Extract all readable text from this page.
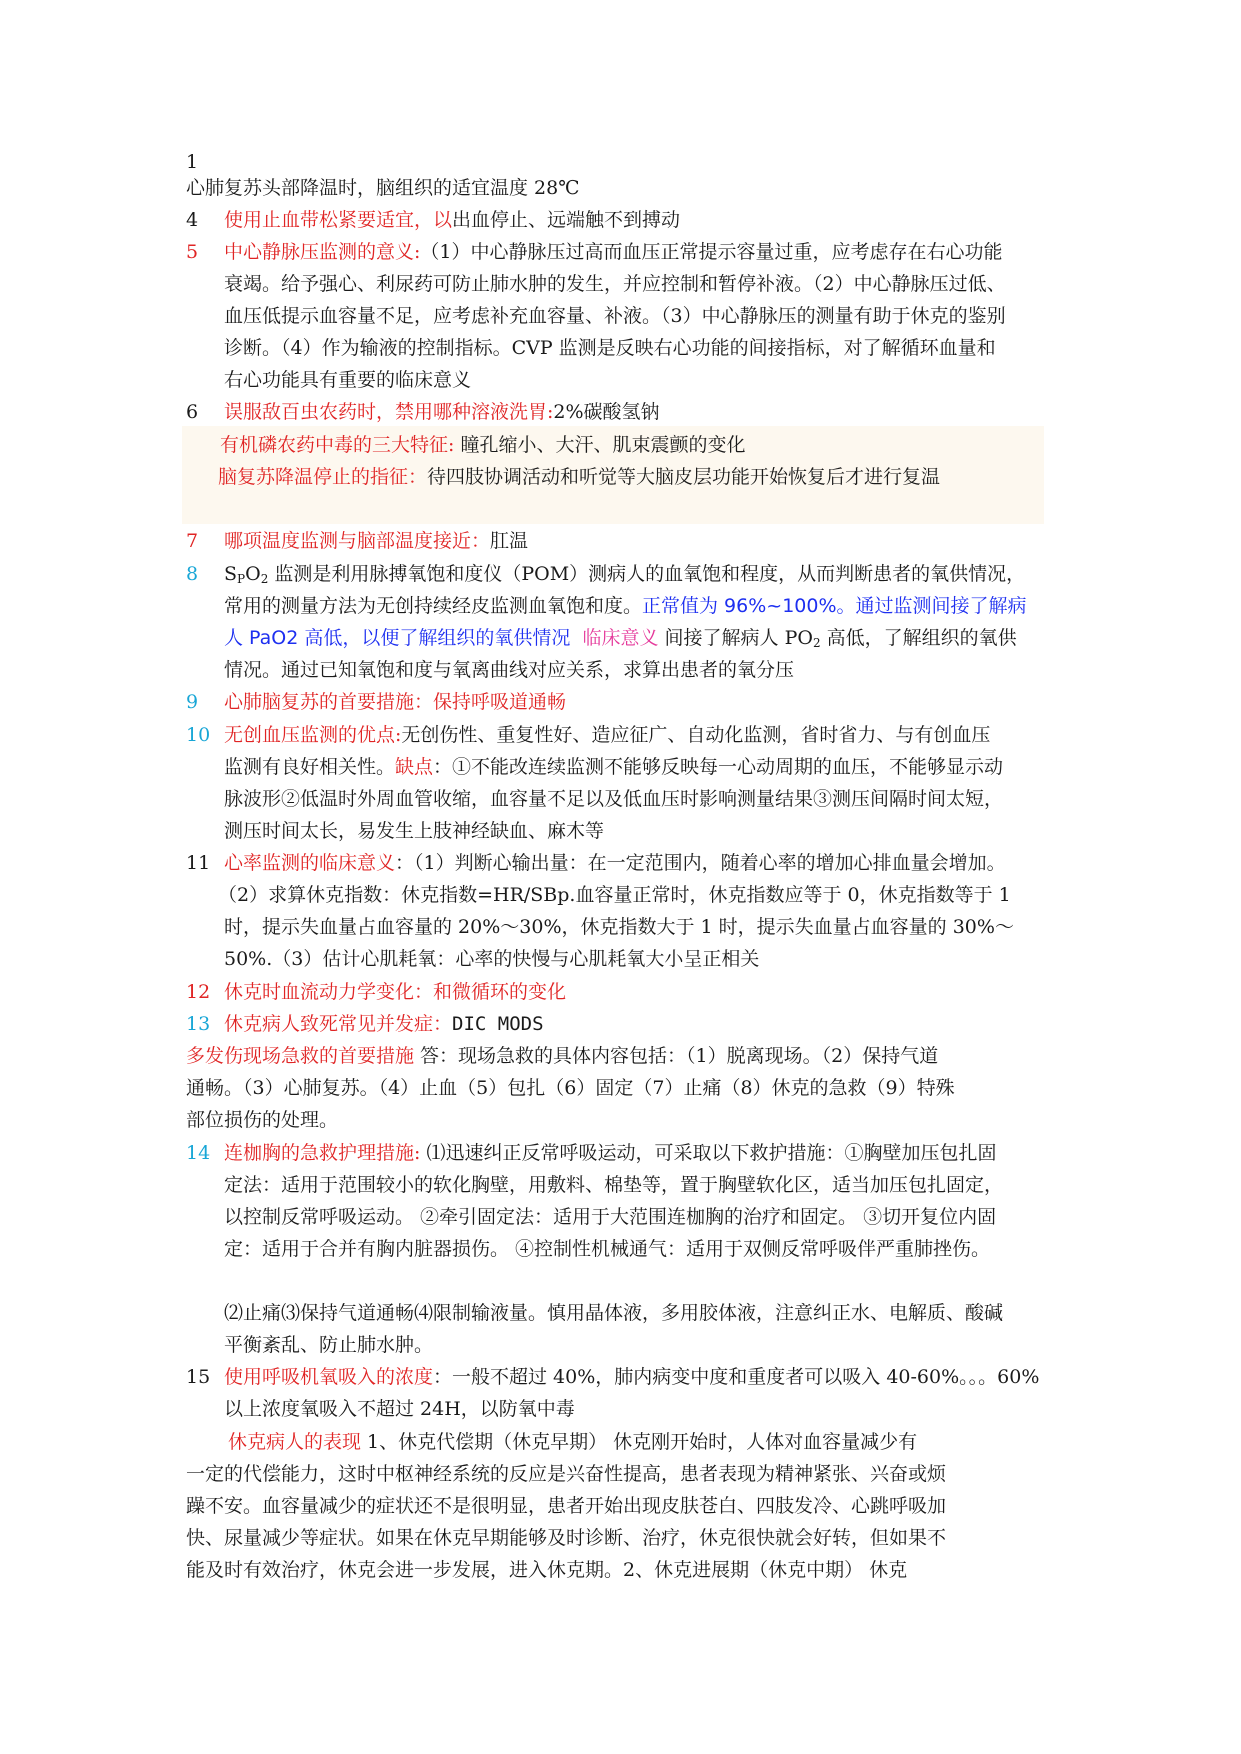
1
心肺复苏头部降温时，脑组织的适宜温度 28℃
4 使用止血带松紧要适宜，以出血停止、远端触不到搏动
5 中心静脉压监测的意义:（1）中心静脉压过高而血压正常提示容量过重，应考虑存在右心功能
衰竭。给予强心、利尿药可防止肺水肿的发生，并应控制和暂停补液。（2）中心静脉压过低、
血压低提示血容量不足，应考虑补充血容量、补液。（3）中心静脉压的测量有助于休克的鉴别
诊断。（4）作为输液的控制指标。CVP 监测是反映右心功能的间接指标，对了解循环血量和
右心功能具有重要的临床意义
6 误服敌百虫农药时，禁用哪种溶液洗胃:2%碳酸氢钠
有机磷农药中毒的三大特征: 瞳孔缩小、大汗、肌束震颤的变化
脑复苏降温停止的指征：待四肢协调活动和听觉等大脑皮层功能开始恢复后才进行复温
7 哪项温度监测与脑部温度接近：肛温
8 $S_PO_2$ 监测是利用脉搏氧饱和度仪（POM）测病人的血氧饱和程度，从而判断患者的氧供情况，
常用的测量方法为无创持续经皮监测血氧饱和度。正常值为 96%~100%。通过监测间接了解病
人 PaO2 高低，以便了解组织的氧供情况 临床意义 间接了解病人 $PO_2$ 高低，了解组织的氧供
情况。通过已知氧饱和度与氧离曲线对应关系，求算出患者的氧分压
9 心肺脑复苏的首要措施：保持呼吸道通畅
10 无创血压监测的优点:无创伤性、重复性好、造应征广、自动化监测，省时省力、与有创血压
监测有良好相关性。缺点：①不能改连续监测不能够反映每一心动周期的血压，不能够显示动
脉波形②低温时外周血管收缩，血容量不足以及低血压时影响测量结果③测压间隔时间太短，
测压时间太长，易发生上肢神经缺血、麻木等
11 心率监测的临床意义：（1）判断心输出量：在一定范围内，随着心率的增加心排血量会增加。
（2）求算休克指数：休克指数=HR/SBp.血容量正常时，休克指数应等于 0，休克指数等于 1
时，提示失血量占血容量的 20%～30%，休克指数大于 1 时，提示失血量占血容量的 30%～
50%.（3）估计心肌耗氧：心率的快慢与心肌耗氧大小呈正相关
12 休克时血流动力学变化：和微循环的变化
13 休克病人致死常见并发症：DIC MODS
多发伤现场急救的首要措施 答：现场急救的具体内容包括：（1）脱离现场。（2）保持气道
通畅。（3）心肺复苏。（4）止血（5）包扎（6）固定（7）止痛（8）休克的急救（9）特殊
部位损伤的处理。
14 连枷胸的急救护理措施: ⑴迅速纠正反常呼吸运动，可采取以下救护措施：①胸壁加压包扎固
定法：适用于范围较小的软化胸壁，用敷料、棉垫等，置于胸壁软化区，适当加压包扎固定，
以控制反常呼吸运动。 ②牵引固定法：适用于大范围连枷胸的治疗和固定。 ③切开复位内固
定：适用于合并有胸内脏器损伤。 ④控制性机械通气：适用于双侧反常呼吸伴严重肺挫伤。
⑵止痛⑶保持气道通畅⑷限制输液量。慎用晶体液，多用胶体液，注意纠正水、电解质、酸碱
平衡紊乱、防止肺水肿。
15 使用呼吸机氧吸入的浓度：一般不超过 40%，肺内病变中度和重度者可以吸入 40-60%。。。60%
以上浓度氧吸入不超过 24H，以防氧中毒
休克病人的表现 1、休克代偿期（休克早期） 休克刚开始时，人体对血容量减少有
一定的代偿能力，这时中枢神经系统的反应是兴奋性提高，患者表现为精神紧张、兴奋或烦
躁不安。血容量减少的症状还不是很明显，患者开始出现皮肤苍白、四肢发冷、心跳呼吸加
快、尿量减少等症状。如果在休克早期能够及时诊断、治疗，休克很快就会好转，但如果不
能及时有效治疗，休克会进一步发展，进入休克期。2、休克进展期（休克中期） 休克
